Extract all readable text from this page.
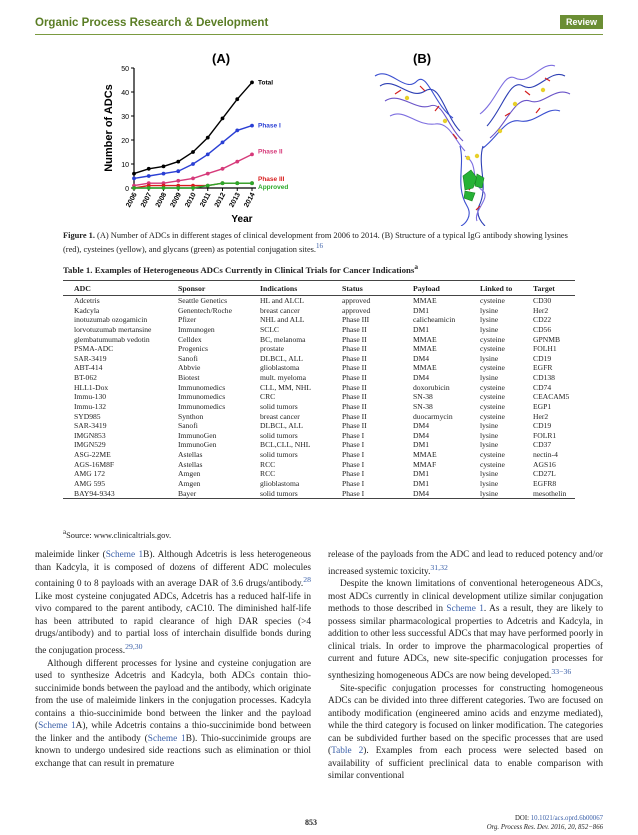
Organic Process Research & Development	Review
(A)
Year
Number of ADCs
0
10
20
30
40
50
2006 2007 2008 2009 2010 2011 2012 2013 2014
Total
Phase I
Phase II
Phase III
Approved
(B)
Figure 1. (A) Number of ADCs in different stages of clinical development from 2006 to 2014. (B) Structure of a typical IgG antibody showing lysines (red), cysteines (yellow), and glycans (green) as potential conjugation sites.$^{16}$
Table 1. Examples of Heterogeneous ADCs Currently in Clinical Trials for Cancer Indications$^a$
ADC	Sponsor	Indications	Status	Payload	Linked to	Target
Adcetris	Seattle Genetics	HL and ALCL	approved	MMAE	cysteine	CD30
Kadcyla	Genentech/Roche	breast cancer	approved	DM1	lysine	Her2
inotuzumab ozogamicin	Pfizer	NHL and ALL	Phase III	calicheamicin	lysine	CD22
lorvotuzumab mertansine	Immunogen	SCLC	Phase II	DM1	lysine	CD56
glembatumumab vedotin	Celldex	BC, melanoma	Phase II	MMAE	cysteine	GPNMB
PSMA-ADC	Progenics	prostate	Phase II	MMAE	cysteine	FOLH1
SAR-3419	Sanofi	DLBCL, ALL	Phase II	DM4	lysine	CD19
ABT-414	Abbvie	glioblastoma	Phase II	MMAE	cysteine	EGFR
BT-062	Biotest	mult. myeloma	Phase II	DM4	lysine	CD138
HLL1-Dox	Immunomedics	CLL, MM, NHL	Phase II	doxorubicin	cysteine	CD74
Immu-130	Immunomedics	CRC	Phase II	SN-38	cysteine	CEACAM5
Immu-132	Immunomedics	solid tumors	Phase II	SN-38	cysteine	EGP1
SYD985	Synthon	breast cancer	Phase II	duocarmycin	cysteine	Her2
SAR-3419	Sanofi	DLBCL, ALL	Phase II	DM4	lysine	CD19
IMGN853	ImmunoGen	solid tumors	Phase I	DM4	lysine	FOLR1
IMGN529	ImmunoGen	BCL,CLL, NHL	Phase I	DM1	lysine	CD37
ASG-22ME	Astellas	solid tumors	Phase I	MMAE	cysteine	nectin-4
AGS-16M8F	Astellas	RCC	Phase I	MMAF	cysteine	AGS16
AMG 172	Amgen	RCC	Phase I	DM1	lysine	CD27L
AMG 595	Amgen	glioblastoma	Phase I	DM1	lysine	EGFR8
BAY94-9343	Bayer	solid tumors	Phase I	DM4	lysine	mesothelin
$^a$Source: www.clinicaltrials.gov.

maleimide linker (Scheme 1B). Although Adcetris is less heterogeneous than Kadcyla, it is composed of dozens of different ADC molecules containing 0 to 8 payloads with an average DAR of 3.6 drugs/antibody.$^{28}$ Like most cysteine conjugated ADCs, Adcetris has a reduced half-life in vivo compared to the parent antibody, cAC10. The diminished half-life has been attributed to rapid clearance of high DAR species (>4 drugs/antibody) and to partial loss of interchain disulfide bonds during the conjugation process.$^{29,30}$

Although different processes for lysine and cysteine conjugation are used to synthesize Adcetris and Kadcyla, both ADCs contain thio-succinimide bonds between the payload and the antibody, which originate from the use of maleimide linkers in the conjugation processes. Kadcyla contains a thio-succinimide bond between the linker and the payload (Scheme 1A), while Adcetris contains a thio-succinimide bond between the linker and the antibody (Scheme 1B). Thio-succinimide groups are known to undergo undesired side reactions such as elimination or thiol exchange that can result in premature

release of the payloads from the ADC and lead to reduced potency and/or increased systemic toxicity.$^{31,32}$

Despite the known limitations of conventional heterogeneous ADCs, most ADCs currently in clinical development utilize similar conjugation methods to those described in Scheme 1. As a result, they are likely to possess similar pharmacological properties to Adcetris and Kadcyla, in addition to other less successful ADCs that may have performed poorly in clinical trials. In order to improve the pharmacological properties of current and future ADCs, new site-specific conjugation processes for synthesizing homogeneous ADCs are now being developed.$^{33-36}$

Site-specific conjugation processes for constructing homogeneous ADCs can be divided into three different categories. Two are focused on antibody modification (engineered amino acids and enzyme mediated), while the third category is focused on linker modification. The categories can be subdivided further based on the specific processes that are used (Table 2). Examples from each process were selected based on availability of sufficient preclinical data to enable comparison with similar conventional

853	DOI: 10.1021/acs.oprd.6b00067
Org. Process Res. Dev. 2016, 20, 852−866
